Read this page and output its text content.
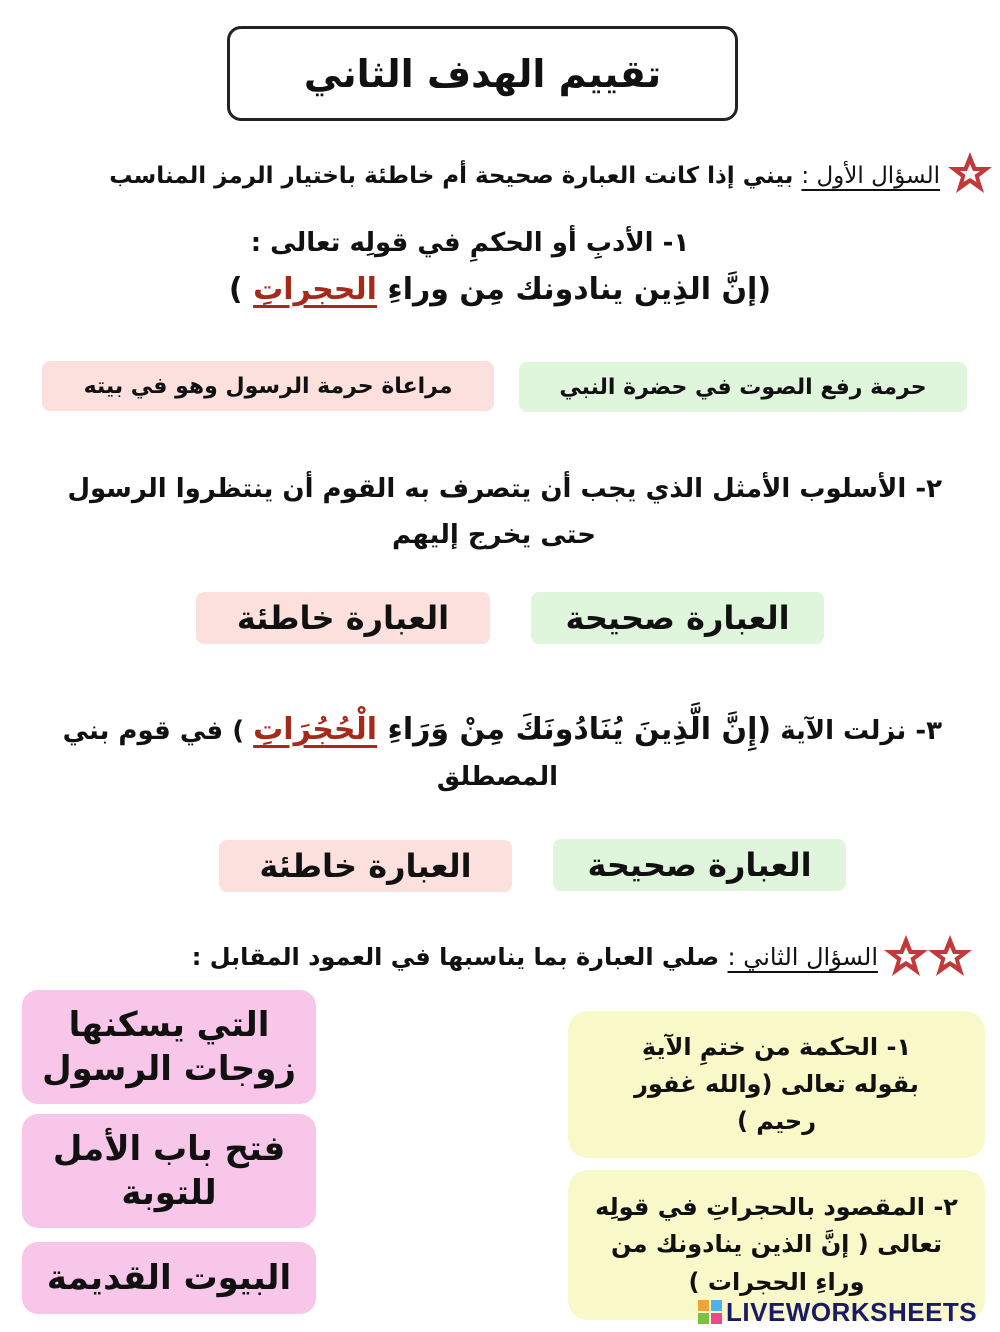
تقييم الهدف الثاني
السؤال الأول : بيني إذا كانت العبارة صحيحة أم خاطئة باختيار الرمز المناسب
١- الأدبِ أو الحكمِ في قولِه تعالى :
(إنَّ الذِين ينادونك مِن وراءِ الحجراتِ )
حرمة رفع الصوت في حضرة النبي
مراعاة حرمة الرسول وهو في بيته
٢- الأسلوب الأمثل الذي يجب أن يتصرف به القوم أن ينتظروا الرسول
حتى يخرج إليهم
العبارة صحيحة
العبارة خاطئة
٣- نزلت الآية (إِنَّ الَّذِينَ يُنَادُونَكَ مِنْ وَرَاءِ الْحُجُرَاتِ ) في قوم بني
المصطلق
العبارة صحيحة
العبارة خاطئة
السؤال الثاني : صلي العبارة بما يناسبها في العمود المقابل :
التي يسكنها
زوجات الرسول
فتح باب الأمل
للتوبة
البيوت القديمة
١- الحكمة من ختمِ الآيةِ
بقوله تعالى (والله غفور
رحيم )
٢- المقصود بالحجراتِ في قولِه
تعالى ( إنَّ الذين ينادونك من
وراءِ الحجرات )
LIVEWORKSHEETS
